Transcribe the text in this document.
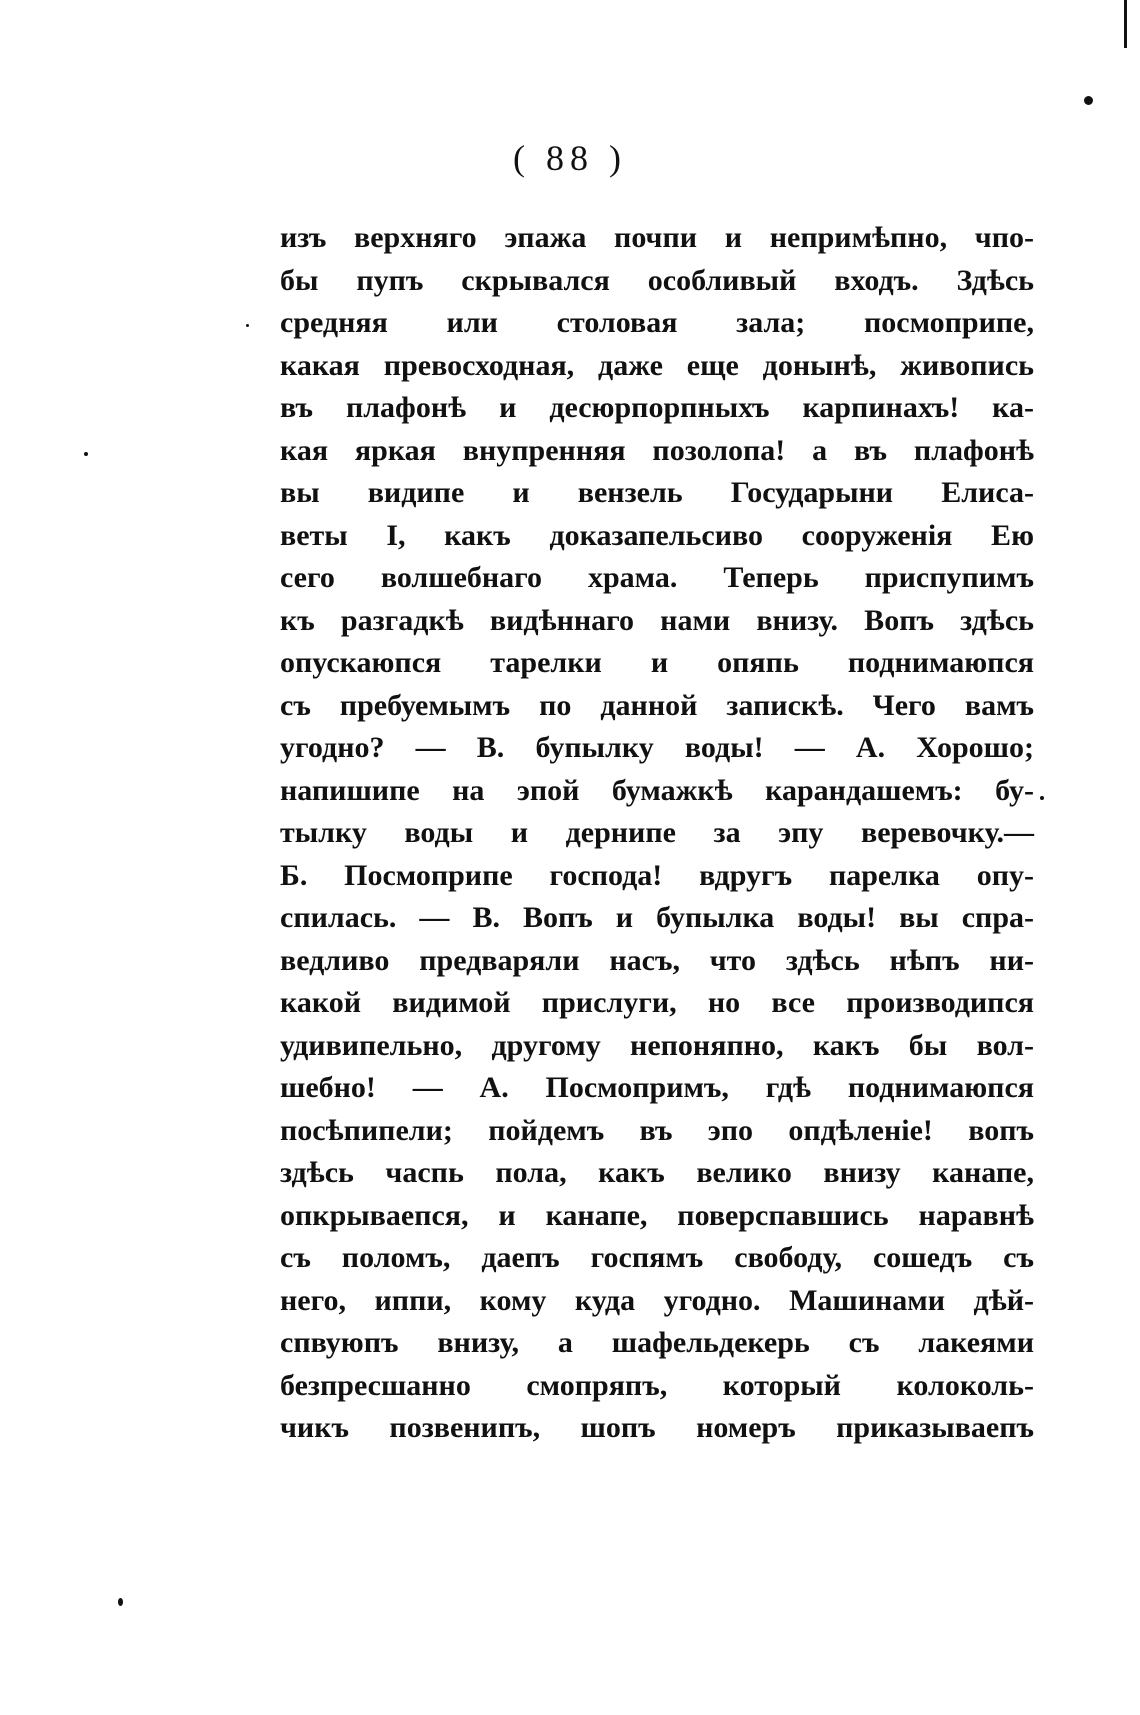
( 88 )
изъ верхняго эпажа почпи и непримѣпно, чпо-
бы пупъ скрывался особливый входъ. Здѣсь
средняя или столовая зала; посмоприпе,
какая превосходная, даже еще донынѣ, живопись
въ плафонѣ и десюрпорпныхъ карпинахъ! ка-
кая яркая внупренняя позолопа! а въ плафонѣ
вы видипе и вензель Государыни Елиса-
веты I, какъ доказапельсиво сооруженія Ею
сего волшебнаго храма. Теперь приспупимъ
къ разгадкѣ видѣннаго нами внизу. Вопъ здѣсь
опускаюпся тарелки и опяпь поднимаюпся
съ пребуемымъ по данной запискѣ. Чего вамъ
угодно? — В. бупылку воды! — А. Хорошо;
напишипе на эпой бумажкѣ карандашемъ: бу-
тылку воды и дернипе за эпу веревочку.—
Б. Посмоприпе господа! вдругъ парелка опу-
спилась. — В. Вопъ и бупылка воды! вы спра-
ведливо предваряли насъ, что здѣсь нѣпъ ни-
какой видимой прислуги, но все производипся
удивипельно, другому непоняпно, какъ бы вол-
шебно! — А. Посмопримъ, гдѣ поднимаюпся
посѣпипели; пойдемъ въ эпо опдѣленіе! вопъ
здѣсь часпь пола, какъ велико внизу канапе,
опкрываепся, и канапе, поверспавшись наравнѣ
съ поломъ, даепъ госпямъ свободу, сошедъ съ
него, иппи, кому куда угодно. Машинами дѣй-
спвуюпъ внизу, а шафельдекерь съ лакеями
безпресшанно смопряпъ, который колоколь-
чикъ позвенипъ, шопъ номеръ приказываепъ
